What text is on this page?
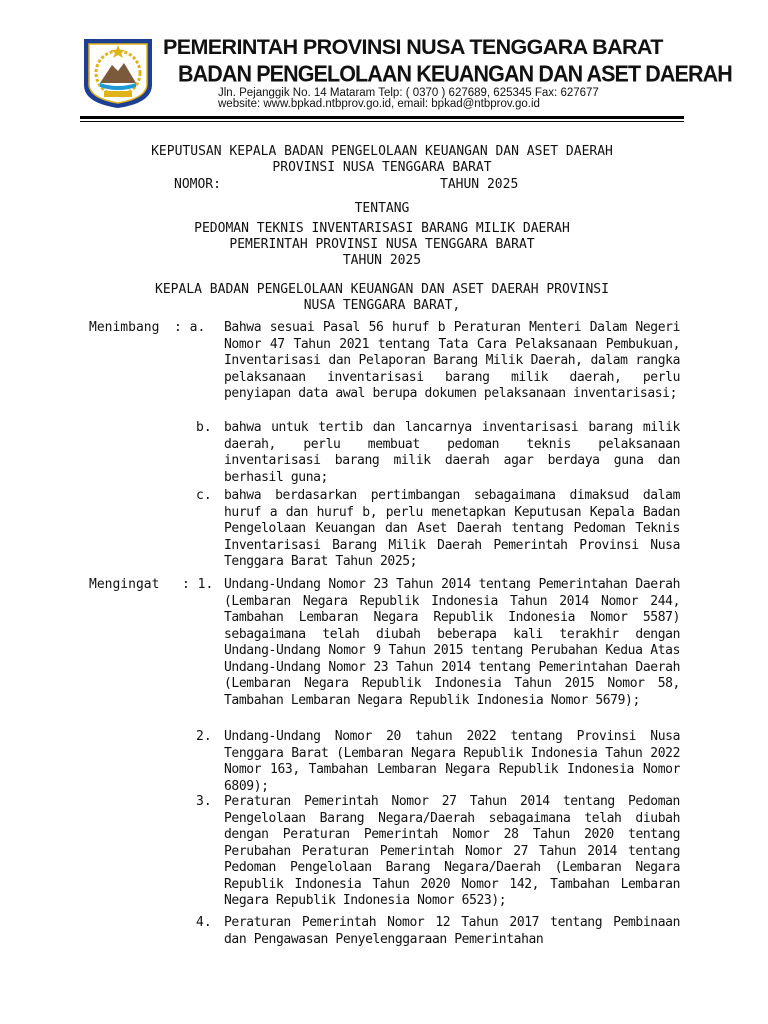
PEMERINTAH PROVINSI NUSA TENGGARA BARAT
BADAN PENGELOLAAN KEUANGAN DAN ASET DAERAH
Jln. Pejanggik No. 14 Mataram Telp: ( 0370 ) 627689, 625345 Fax: 627677
website: www.bpkad.ntbprov.go.id, email: bpkad@ntbprov.go.id
KEPUTUSAN KEPALA BADAN PENGELOLAAN KEUANGAN DAN ASET DAERAH
PROVINSI NUSA TENGGARA BARAT
NOMOR:	TAHUN 2025
TENTANG
PEDOMAN TEKNIS INVENTARISASI BARANG MILIK DAERAH
PEMERINTAH PROVINSI NUSA TENGGARA BARAT
TAHUN 2025
KEPALA BADAN PENGELOLAAN KEUANGAN DAN ASET DAERAH PROVINSI
NUSA TENGGARA BARAT,
Menimbang : a. Bahwa sesuai Pasal 56 huruf b Peraturan Menteri Dalam Negeri Nomor 47 Tahun 2021 tentang Tata Cara Pelaksanaan Pembukuan, Inventarisasi dan Pelaporan Barang Milik Daerah, dalam rangka pelaksanaan inventarisasi barang milik daerah, perlu penyiapan data awal berupa dokumen pelaksanaan inventarisasi;
b. bahwa untuk tertib dan lancarnya inventarisasi barang milik daerah, perlu membuat pedoman teknis pelaksanaan inventarisasi barang milik daerah agar berdaya guna dan berhasil guna;
c. bahwa berdasarkan pertimbangan sebagaimana dimaksud dalam huruf a dan huruf b, perlu menetapkan Keputusan Kepala Badan Pengelolaan Keuangan dan Aset Daerah tentang Pedoman Teknis Inventarisasi Barang Milik Daerah Pemerintah Provinsi Nusa Tenggara Barat Tahun 2025;
Mengingat : 1. Undang-Undang Nomor 23 Tahun 2014 tentang Pemerintahan Daerah (Lembaran Negara Republik Indonesia Tahun 2014 Nomor 244, Tambahan Lembaran Negara Republik Indonesia Nomor 5587) sebagaimana telah diubah beberapa kali terakhir dengan Undang-Undang Nomor 9 Tahun 2015 tentang Perubahan Kedua Atas Undang-Undang Nomor 23 Tahun 2014 tentang Pemerintahan Daerah (Lembaran Negara Republik Indonesia Tahun 2015 Nomor 58, Tambahan Lembaran Negara Republik Indonesia Nomor 5679);
2. Undang-Undang Nomor 20 tahun 2022 tentang Provinsi Nusa Tenggara Barat (Lembaran Negara Republik Indonesia Tahun 2022 Nomor 163, Tambahan Lembaran Negara Republik Indonesia Nomor 6809);
3. Peraturan Pemerintah Nomor 27 Tahun 2014 tentang Pedoman Pengelolaan Barang Negara/Daerah sebagaimana telah diubah dengan Peraturan Pemerintah Nomor 28 Tahun 2020 tentang Perubahan Peraturan Pemerintah Nomor 27 Tahun 2014 tentang Pedoman Pengelolaan Barang Negara/Daerah (Lembaran Negara Republik Indonesia Tahun 2020 Nomor 142, Tambahan Lembaran Negara Republik Indonesia Nomor 6523);
4. Peraturan Pemerintah Nomor 12 Tahun 2017 tentang Pembinaan dan Pengawasan Penyelenggaraan Pemerintahan
